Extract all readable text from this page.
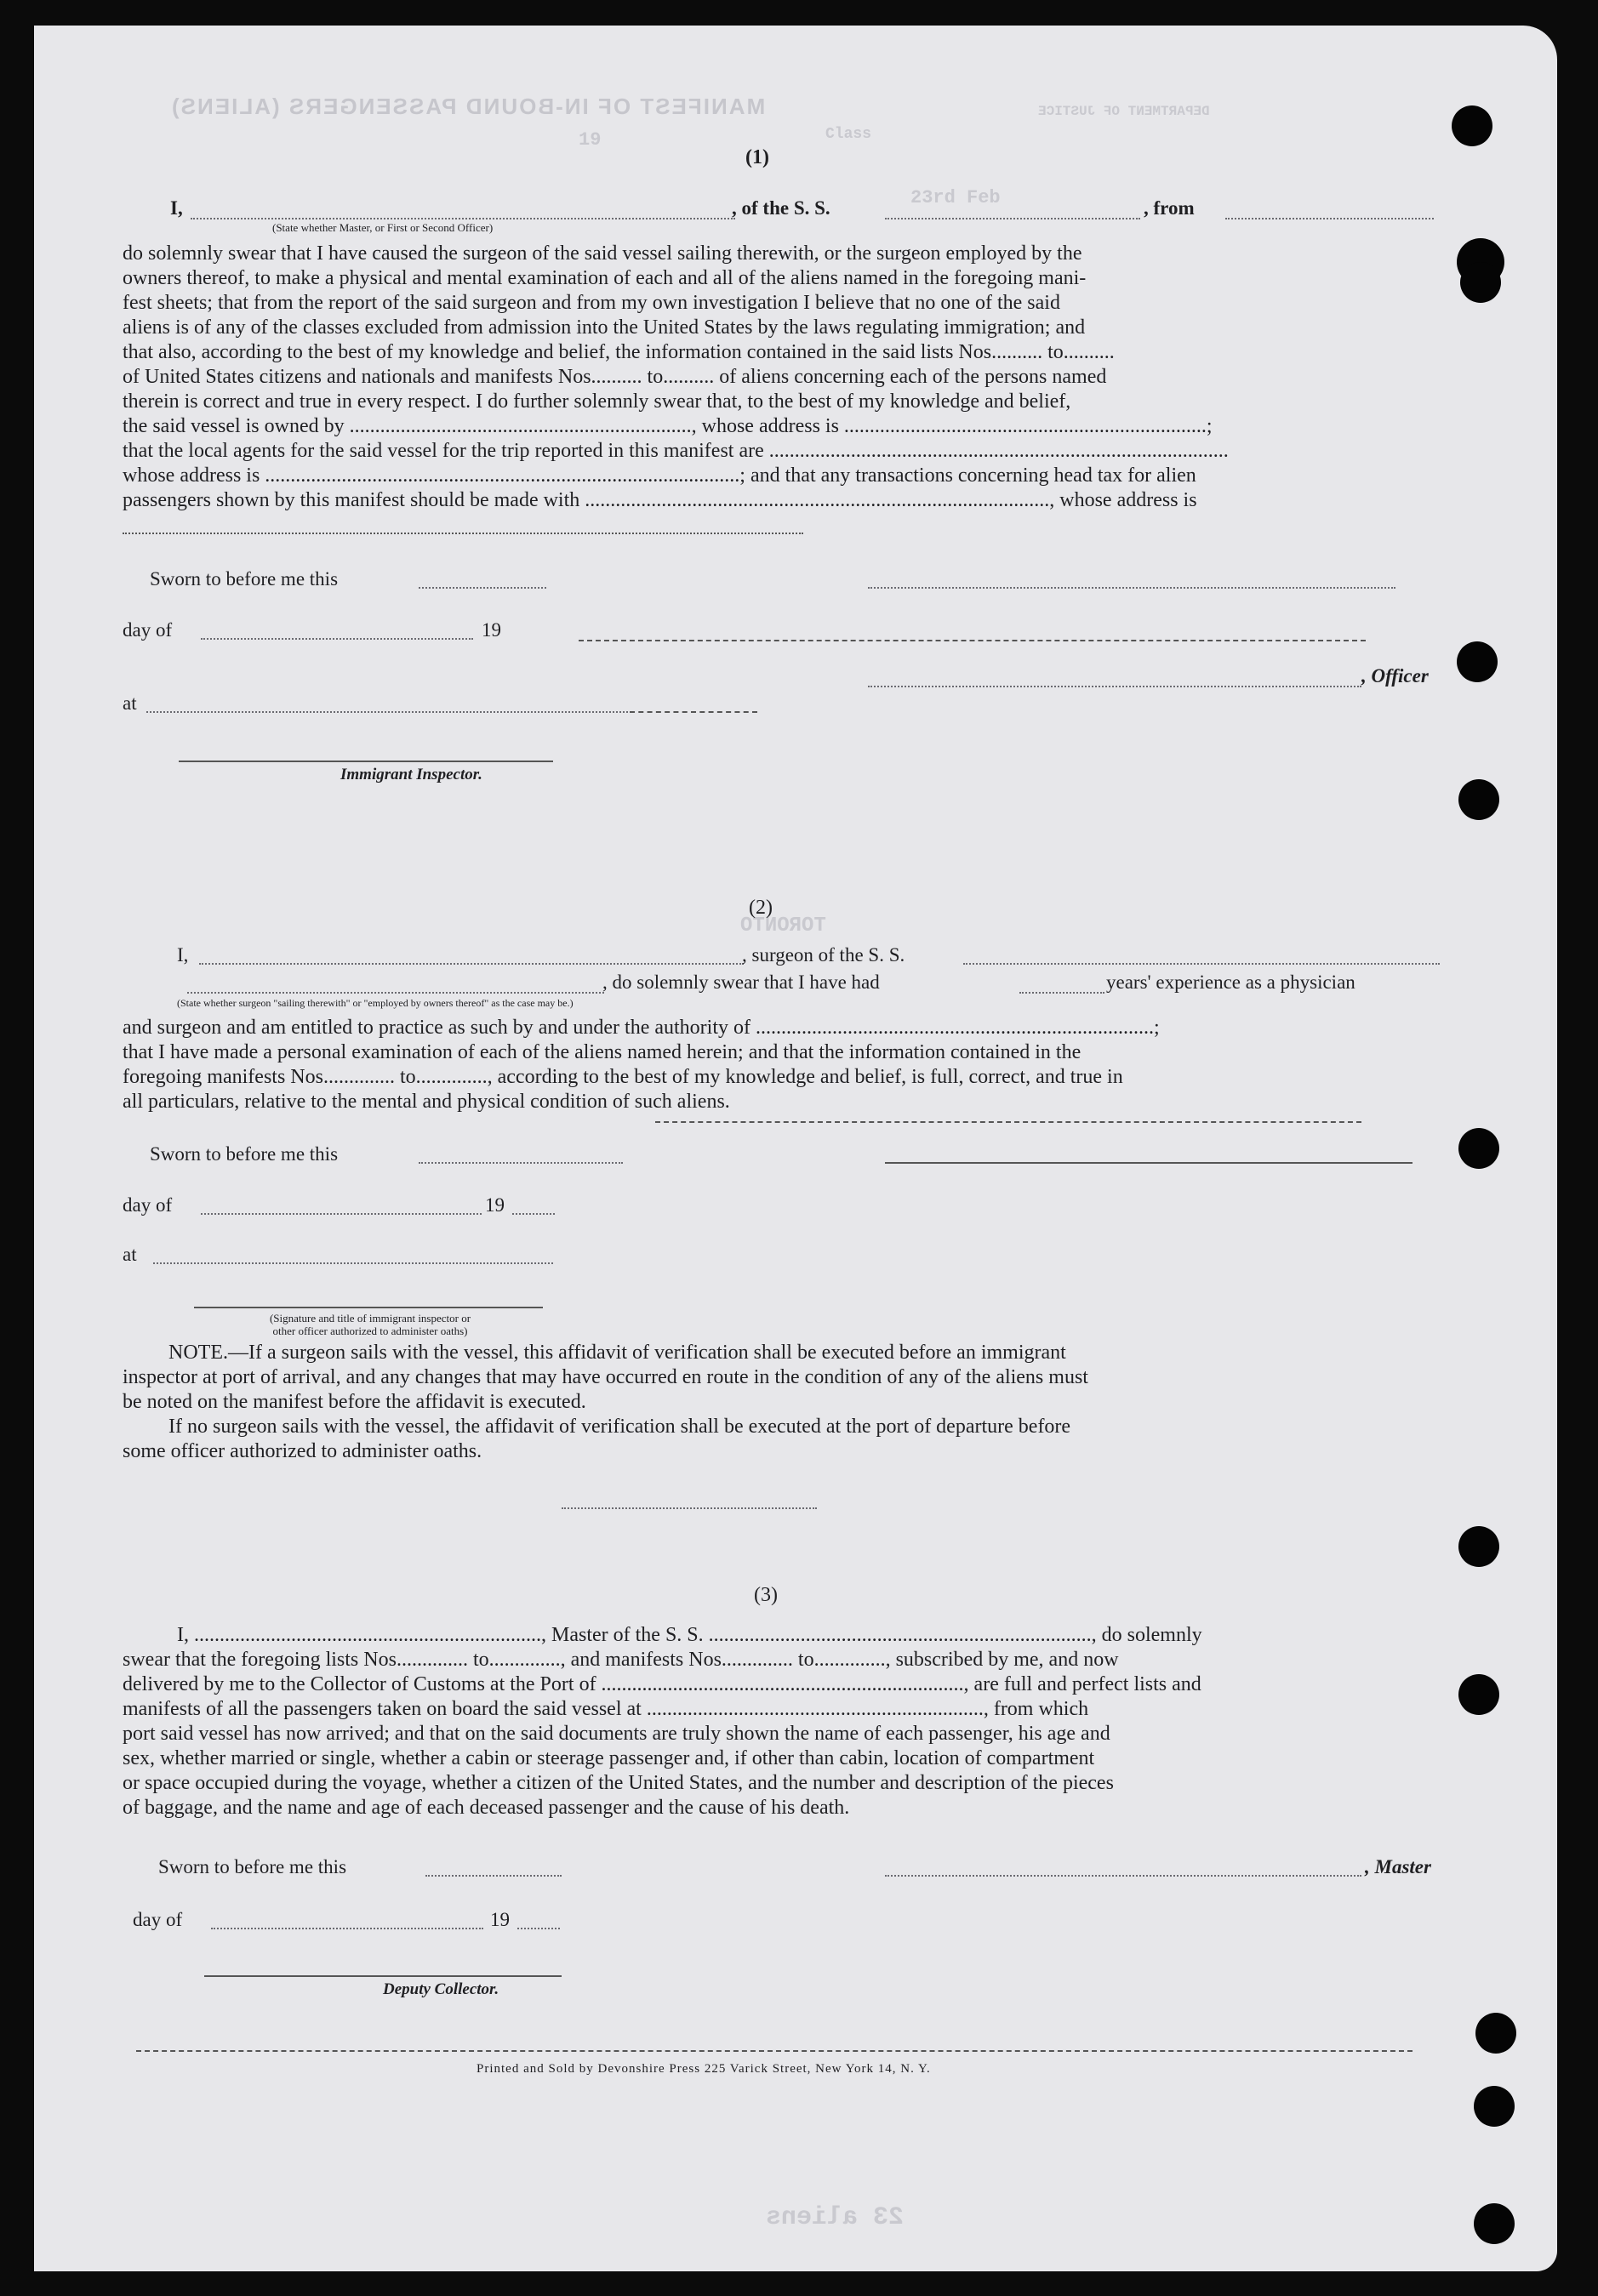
MANIFEST OF IN-BOUND PASSENGERS (ALIENS)
19	Class
DEPARTMENT OF JUSTICE
23rd Feb
TORONTO
23 aliens
(1)
I,	, of the S. S.	, from
(State whether Master, or First or Second Officer)
do solemnly swear that I have caused the surgeon of the said vessel sailing therewith, or the surgeon employed by the
owners thereof, to make a physical and mental examination of each and all of the aliens named in the foregoing mani-
fest sheets; that from the report of the said surgeon and from my own investigation I believe that no one of the said
aliens is of any of the classes excluded from admission into the United States by the laws regulating immigration; and
that also, according to the best of my knowledge and belief, the information contained in the said lists Nos.......... to..........
of United States citizens and nationals and manifests Nos.......... to.......... of aliens concerning each of the persons named
therein is correct and true in every respect. I do further solemnly swear that, to the best of my knowledge and belief,
the said vessel is owned by ..................................................................., whose address is .......................................................................;
that the local agents for the said vessel for the trip reported in this manifest are ..........................................................................................
whose address is .............................................................................................; and that any transactions concerning head tax for alien
passengers shown by this manifest should be made with ..........................................................................................., whose address is
Sworn to before me this
day of	19
, Officer
at
Immigrant Inspector.
(2)
I,	, surgeon of the S. S.
, do solemnly swear that I have had	years' experience as a physician
(State whether surgeon "sailing therewith" or "employed by owners thereof" as the case may be.)
and surgeon and am entitled to practice as such by and under the authority of ..............................................................................;
that I have made a personal examination of each of the aliens named herein; and that the information contained in the
foregoing manifests Nos.............. to.............., according to the best of my knowledge and belief, is full, correct, and true in
all particulars, relative to the mental and physical condition of such aliens.
Sworn to before me this
day of	19
at
(Signature and title of immigrant inspector or
other officer authorized to administer oaths)
NOTE.—If a surgeon sails with the vessel, this affidavit of verification shall be executed before an immigrant
inspector at port of arrival, and any changes that may have occurred en route in the condition of any of the aliens must
be noted on the manifest before the affidavit is executed.
If no surgeon sails with the vessel, the affidavit of verification shall be executed at the port of departure before
some officer authorized to administer oaths.
(3)
I, ...................................................................., Master of the S. S. ..........................................................................., do solemnly
swear that the foregoing lists Nos.............. to.............., and manifests Nos.............. to.............., subscribed by me, and now
delivered by me to the Collector of Customs at the Port of ......................................................................., are full and perfect lists and
manifests of all the passengers taken on board the said vessel at .................................................................., from which
port said vessel has now arrived; and that on the said documents are truly shown the name of each passenger, his age and
sex, whether married or single, whether a cabin or steerage passenger and, if other than cabin, location of compartment
or space occupied during the voyage, whether a citizen of the United States, and the number and description of the pieces
of baggage, and the name and age of each deceased passenger and the cause of his death.
Sworn to before me this	, Master
day of	19
Deputy Collector.
Printed and Sold by Devonshire Press 225 Varick Street, New York 14, N. Y.
